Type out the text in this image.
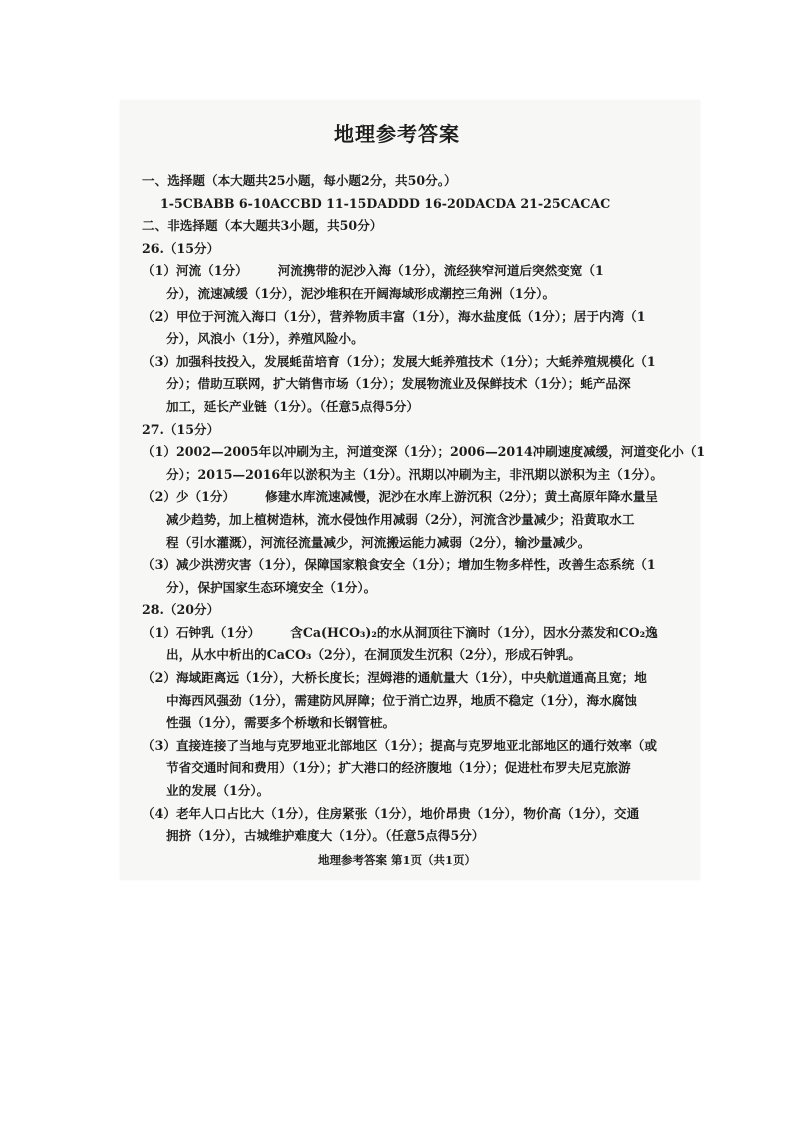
地理参考答案
一、选择题（本大题共25小题，每小题2分，共50分。）
1-5CBABB 6-10ACCBD 11-15DADDD 16-20DACDA 21-25CACAC
二、非选择题（本大题共3小题，共50分）
26.（15分）
（1）河流（1分） 河流携带的泥沙入海（1分），流经狭窄河道后突然变宽（1
分），流速减缓（1分），泥沙堆积在开阔海域形成潮控三角洲（1分）。
（2）甲位于河流入海口（1分），营养物质丰富（1分），海水盐度低（1分）；居于内湾（1
分），风浪小（1分），养殖风险小。
（3）加强科技投入，发展蚝苗培育（1分）；发展大蚝养殖技术（1分）；大蚝养殖规模化（1
分）；借助互联网，扩大销售市场（1分）；发展物流业及保鲜技术（1分）；蚝产品深
加工，延长产业链（1分）。（任意5点得5分）
27.（15分）
（1）2002—2005年以冲刷为主，河道变深（1分）；2006—2014冲刷速度减缓，河道变化小（1
分）；2015—2016年以淤积为主（1分）。汛期以冲刷为主，非汛期以淤积为主（1分）。
（2）少（1分） 修建水库流速减慢，泥沙在水库上游沉积（2分）；黄土高原年降水量呈
减少趋势，加上植树造林，流水侵蚀作用减弱（2分），河流含沙量减少；沿黄取水工
程（引水灌溉），河流径流量减少，河流搬运能力减弱（2分），输沙量减少。
（3）减少洪涝灾害（1分），保障国家粮食安全（1分）；增加生物多样性，改善生态系统（1
分），保护国家生态环境安全（1分）。
28.（20分）
（1）石钟乳（1分） 含Ca(HCO₃)₂的水从洞顶往下滴时（1分），因水分蒸发和CO₂逸
出，从水中析出的CaCO₃（2分），在洞顶发生沉积（2分），形成石钟乳。
（2）海域距离远（1分），大桥长度长；涅姆港的通航量大（1分），中央航道通高且宽；地
中海西风强劲（1分），需建防风屏障；位于消亡边界，地质不稳定（1分），海水腐蚀
性强（1分），需要多个桥墩和长钢管桩。
（3）直接连接了当地与克罗地亚北部地区（1分）；提高与克罗地亚北部地区的通行效率（或
节省交通时间和费用）（1分）；扩大港口的经济腹地（1分）；促进杜布罗夫尼克旅游
业的发展（1分）。
（4）老年人口占比大（1分），住房紧张（1分），地价昂贵（1分），物价高（1分），交通
拥挤（1分），古城维护难度大（1分）。（任意5点得5分）
地理参考答案 第1页（共1页）
